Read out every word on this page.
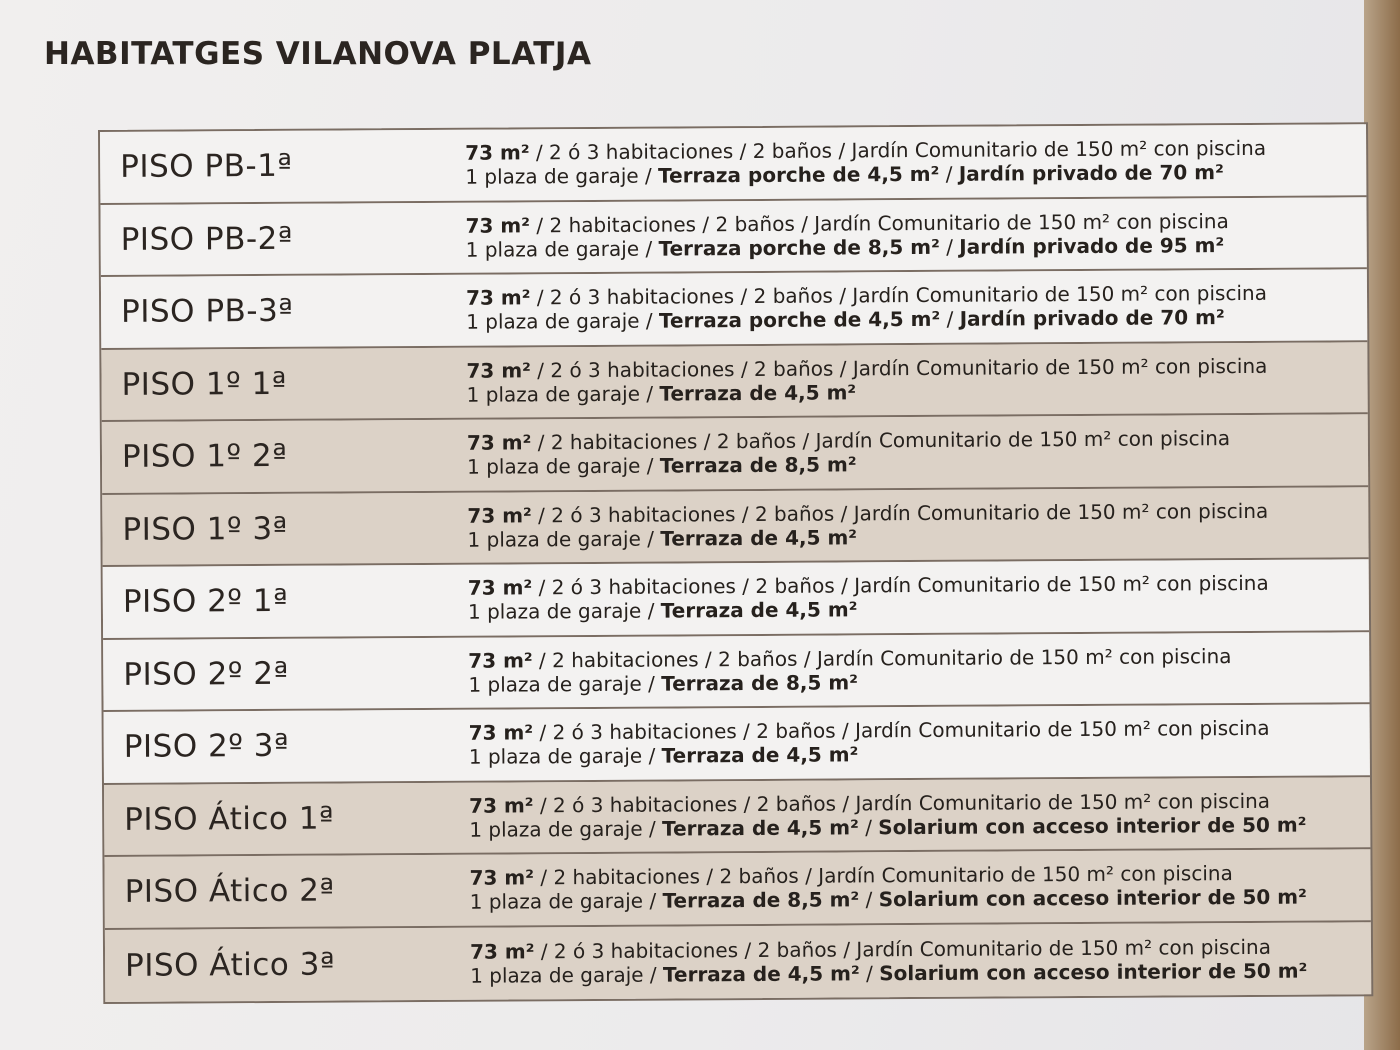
HABITATGES VILANOVA PLATJA
PISO PB-1ª	73 m² / 2 ó 3 habitaciones / 2 baños / Jardín Comunitario de 150 m² con piscina
1 plaza de garaje / Terraza porche de 4,5 m² / Jardín privado de 70 m²
PISO PB-2ª	73 m² / 2 habitaciones / 2 baños / Jardín Comunitario de 150 m² con piscina
1 plaza de garaje / Terraza porche de 8,5 m² / Jardín privado de 95 m²
PISO PB-3ª	73 m² / 2 ó 3 habitaciones / 2 baños / Jardín Comunitario de 150 m² con piscina
1 plaza de garaje / Terraza porche de 4,5 m² / Jardín privado de 70 m²
PISO 1º 1ª	73 m² / 2 ó 3 habitaciones / 2 baños / Jardín Comunitario de 150 m² con piscina
1 plaza de garaje / Terraza de 4,5 m²
PISO 1º 2ª	73 m² / 2 habitaciones / 2 baños / Jardín Comunitario de 150 m² con piscina
1 plaza de garaje / Terraza de 8,5 m²
PISO 1º 3ª	73 m² / 2 ó 3 habitaciones / 2 baños / Jardín Comunitario de 150 m² con piscina
1 plaza de garaje / Terraza de 4,5 m²
PISO 2º 1ª	73 m² / 2 ó 3 habitaciones / 2 baños / Jardín Comunitario de 150 m² con piscina
1 plaza de garaje / Terraza de 4,5 m²
PISO 2º 2ª	73 m² / 2 habitaciones / 2 baños / Jardín Comunitario de 150 m² con piscina
1 plaza de garaje / Terraza de 8,5 m²
PISO 2º 3ª	73 m² / 2 ó 3 habitaciones / 2 baños / Jardín Comunitario de 150 m² con piscina
1 plaza de garaje / Terraza de 4,5 m²
PISO Ático 1ª	73 m² / 2 ó 3 habitaciones / 2 baños / Jardín Comunitario de 150 m² con piscina
1 plaza de garaje / Terraza de 4,5 m² / Solarium con acceso interior de 50 m²
PISO Ático 2ª	73 m² / 2 habitaciones / 2 baños / Jardín Comunitario de 150 m² con piscina
1 plaza de garaje / Terraza de 8,5 m² / Solarium con acceso interior de 50 m²
PISO Ático 3ª	73 m² / 2 ó 3 habitaciones / 2 baños / Jardín Comunitario de 150 m² con piscina
1 plaza de garaje / Terraza de 4,5 m² / Solarium con acceso interior de 50 m²
